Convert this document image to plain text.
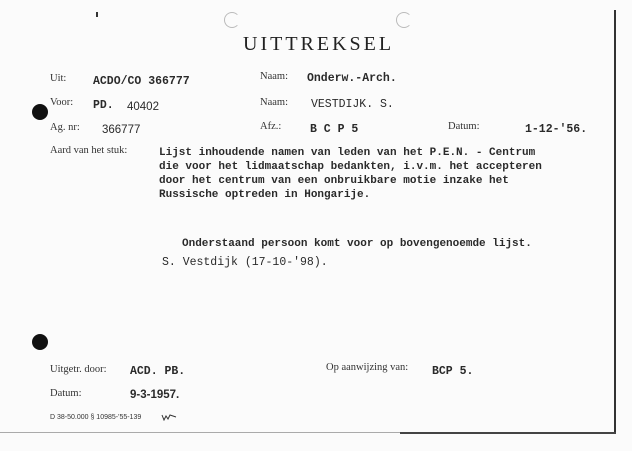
UITTREKSEL
Uit: ACDO/CO 366777	Naam: Onderw.-Arch.
Voor: PD. 40402	Naam: VESTDIJK. S.
Ag. nr: 366777	Afz.: B C P 5	Datum:	1-12-'56.
Aard van het stuk:	Lijst inhoudende namen van leden van het P.E.N. - Centrum
die voor het lidmaatschap bedankten, i.v.m. het accepteren
door het centrum van een onbruikbare motie inzake het
Russische optreden in Hongarije.
Onderstaand persoon komt voor op bovengenoemde lijst.
S. Vestdijk (17-10-'98).
Uitgetr. door: ACD. PB.	Op aanwijzing van: BCP 5.
Datum:	9-3-1957.
D 38-50.000 § 10985-'55-139
